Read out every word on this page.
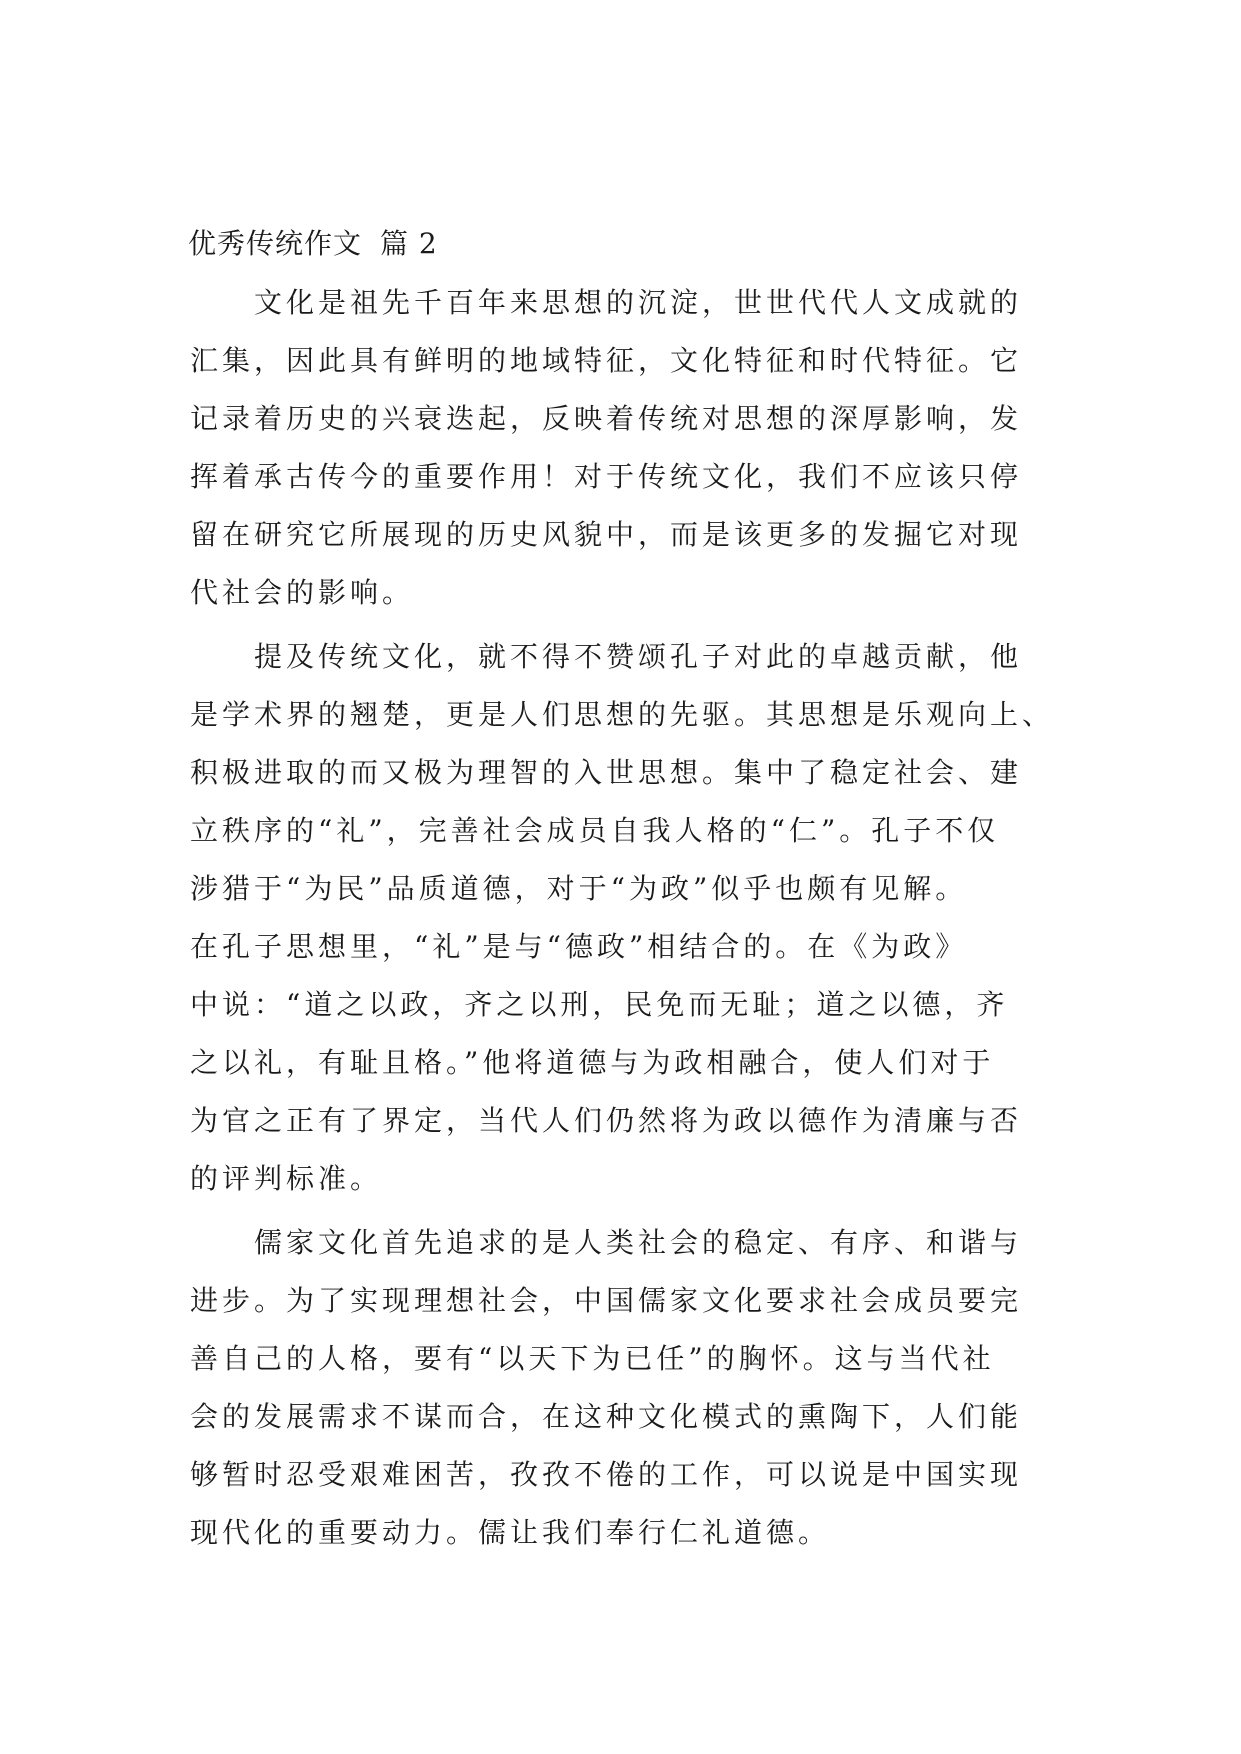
优秀传统作文 篇 2
文化是祖先千百年来思想的沉淀，世世代代人文成就的
汇集，因此具有鲜明的地域特征，文化特征和时代特征。它
记录着历史的兴衰迭起，反映着传统对思想的深厚影响，发
挥着承古传今的重要作用！对于传统文化，我们不应该只停
留在研究它所展现的历史风貌中，而是该更多的发掘它对现
代社会的影响。
提及传统文化，就不得不赞颂孔子对此的卓越贡献，他
是学术界的翘楚，更是人们思想的先驱。其思想是乐观向上、
积极进取的而又极为理智的入世思想。集中了稳定社会、建
立秩序的“礼”，完善社会成员自我人格的“仁”。孔子不仅
涉猎于“为民”品质道德，对于“为政”似乎也颇有见解。
在孔子思想里，“礼”是与“德政”相结合的。在《为政》
中说：“道之以政，齐之以刑，民免而无耻；道之以德，齐
之以礼，有耻且格。”他将道德与为政相融合，使人们对于
为官之正有了界定，当代人们仍然将为政以德作为清廉与否
的评判标准。
儒家文化首先追求的是人类社会的稳定、有序、和谐与
进步。为了实现理想社会，中国儒家文化要求社会成员要完
善自己的人格，要有“以天下为已任”的胸怀。这与当代社
会的发展需求不谋而合，在这种文化模式的熏陶下，人们能
够暂时忍受艰难困苦，孜孜不倦的工作，可以说是中国实现
现代化的重要动力。儒让我们奉行仁礼道德。
